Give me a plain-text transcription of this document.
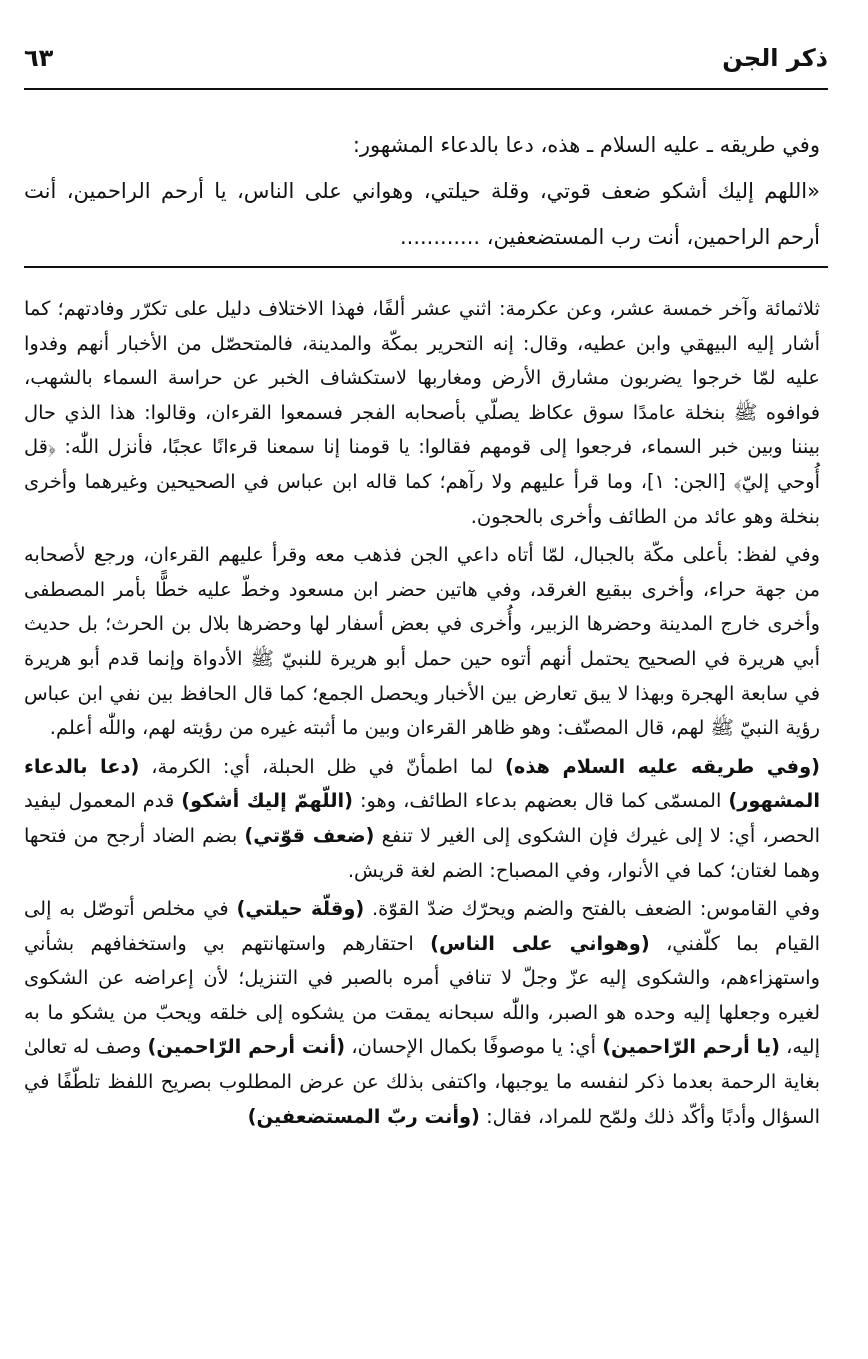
ذكر الجن
٦٣

وفي طريقه ـ عليه السلام ـ هذه، دعا بالدعاء المشهور:

«اللهم إليك أشكو ضعف قوتي، وقلة حيلتي، وهواني على الناس، يا أرحم الراحمين، أنت أرحم الراحمين، أنت رب المستضعفين، ............

ثلاثمائة وآخر خمسة عشر، وعن عكرمة: اثني عشر ألفًا، فهذا الاختلاف دليل على تكرّر وفادتهم؛ كما أشار إليه البيهقي وابن عطيه، وقال: إنه التحرير بمكّة والمدينة، فالمتحصّل من الأخبار أنهم وفدوا عليه لمّا خرجوا يضربون مشارق الأرض ومغاربها لاستكشاف الخبر عن حراسة السماء بالشهب، فوافوه ﷺ بنخلة عامدًا سوق عكاظ يصلّي بأصحابه الفجر فسمعوا القرءان، وقالوا: هذا الذي حال بيننا وبين خبر السماء، فرجعوا إلى قومهم فقالوا: يا قومنا إنا سمعنا قرءانًا عجبًا، فأنزل اللّٰه: ﴿قل أُوحي إليّ﴾ [الجن: ١]، وما قرأ عليهم ولا رآهم؛ كما قاله ابن عباس في الصحيحين وغيرهما وأخرى بنخلة وهو عائد من الطائف وأخرى بالحجون.

وفي لفظ: بأعلى مكّة بالجبال، لمّا أتاه داعي الجن فذهب معه وقرأ عليهم القرءان، ورجع لأصحابه من جهة حراء، وأخرى ببقيع الغرقد، وفي هاتين حضر ابن مسعود وخطّ عليه خطًّا بأمر المصطفى وأخرى خارج المدينة وحضرها الزبير، وأُخرى في بعض أسفار لها وحضرها بلال بن الحرث؛ بل حديث أبي هريرة في الصحيح يحتمل أنهم أتوه حين حمل أبو هريرة للنبيّ ﷺ الأدواة وإنما قدم أبو هريرة في سابعة الهجرة وبهذا لا يبق تعارض بين الأخبار ويحصل الجمع؛ كما قال الحافظ بين نفي ابن عباس رؤية النبيّ ﷺ لهم، قال المصنّف: وهو ظاهر القرءان وبين ما أثبته غيره من رؤيته لهم، واللّٰه أعلم.

(وفي طريقه عليه السلام هذه) لما اطمأنّ في ظل الحبلة، أي: الكرمة، (دعا بالدعاء المشهور) المسمّى كما قال بعضهم بدعاء الطائف، وهو: (اللّهمّ إليك أشكو) قدم المعمول ليفيد الحصر، أي: لا إلى غيرك فإن الشكوى إلى الغير لا تنفع (ضعف قوّتي) بضم الضاد أرجح من فتحها وهما لغتان؛ كما في الأنوار، وفي المصباح: الضم لغة قريش.

وفي القاموس: الضعف بالفتح والضم ويحرّك ضدّ القوّة. (وقلّة حيلتي) في مخلص أتوصّل به إلى القيام بما كلّفني، (وهواني على الناس) احتقارهم واستهانتهم بي واستخفافهم بشأني واستهزاءهم، والشكوى إليه عزّ وجلّ لا تنافي أمره بالصبر في التنزيل؛ لأن إعراضه عن الشكوى لغيره وجعلها إليه وحده هو الصبر، واللّٰه سبحانه يمقت من يشكوه إلى خلقه ويحبّ من يشكو ما به إليه، (يا أرحم الرّاحمين) أي: يا موصوفًا بكمال الإحسان، (أنت أرحم الرّاحمين) وصف له تعالىٰ بغاية الرحمة بعدما ذكر لنفسه ما يوجبها، واكتفى بذلك عن عرض المطلوب بصريح اللفظ تلطّفًا في السؤال وأدبًا وأكّد ذلك ولمّح للمراد، فقال: (وأنت ربّ المستضعفين)
